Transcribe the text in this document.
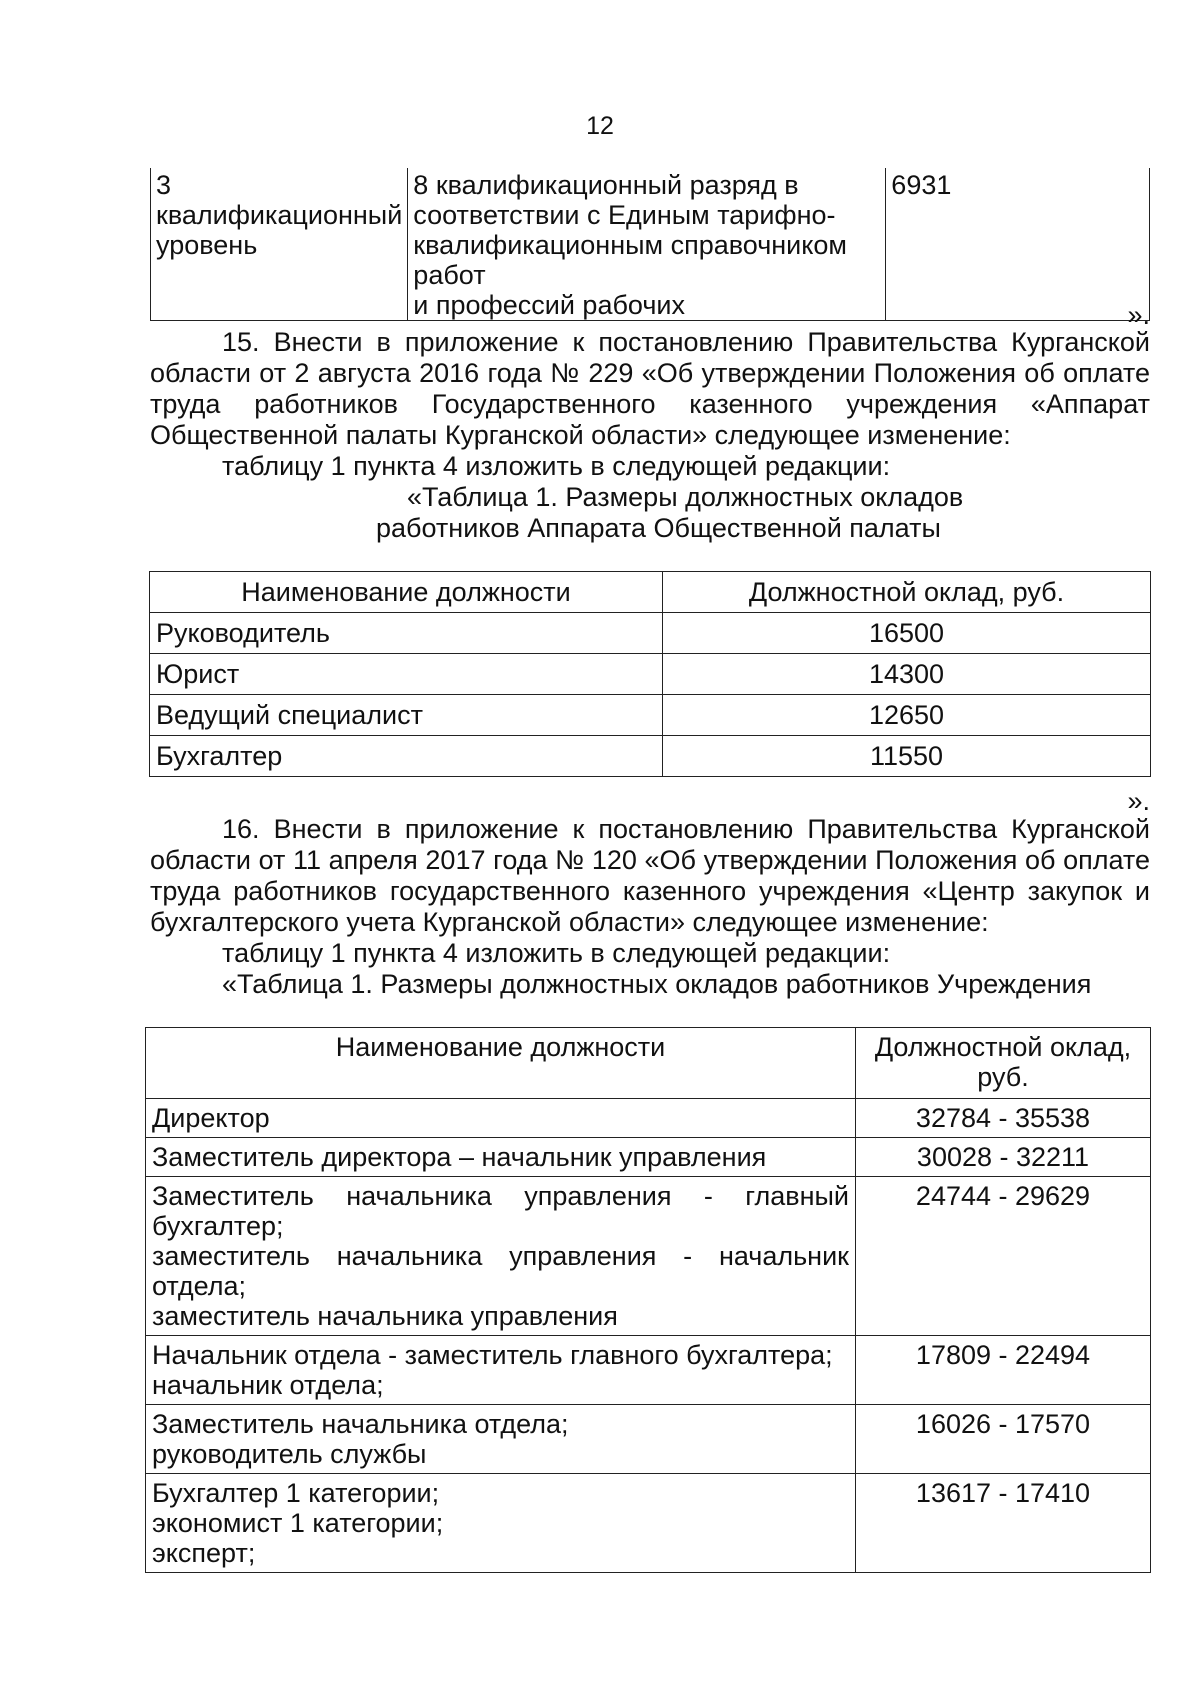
12
3 квалификационный
уровень

8 квалификационный разряд в
соответствии с Единым тарифно-
квалификационным справочником работ
и профессий рабочих
	6931
».

15. Внести в приложение к постановлению Правительства Курганской

области от 2 августа 2016 года № 229 «Об утверждении Положения об оплате

труда работников Государственного казенного учреждения «Аппарат

Общественной палаты Курганской области» следующее изменение:

таблицу 1 пункта 4 изложить в следующей редакции:
«Таблица 1. Размеры должностных окладов
работников Аппарата Общественной палаты
Наименование должности	Должностной оклад, руб.
Руководитель	16500
Юрист	14300
Ведущий специалист	12650
Бухгалтер	11550
».

16. Внести в приложение к постановлению Правительства Курганской

области от 11 апреля 2017 года № 120 «Об утверждении Положения об оплате

труда работников государственного казенного учреждения «Центр закупок и

бухгалтерского учета Курганской области» следующее изменение:

таблицу 1 пункта 4 изложить в следующей редакции:
«Таблица 1. Размеры должностных окладов работников Учреждения
Наименование должности	Должностной оклад, руб.

Директор	32784 - 35538

Заместитель директора – начальник управления	30028 - 32211

Заместитель начальника управления - главный
бухгалтер;
заместитель начальника управления - начальник
отдела;
заместитель начальника управления	24744 - 29629

Начальник отдела - заместитель главного бухгалтера;
начальник отдела;	17809 - 22494

Заместитель начальника отдела;
руководитель службы	16026 - 17570

Бухгалтер 1 категории;
экономист 1 категории;
эксперт;	13617 - 17410
